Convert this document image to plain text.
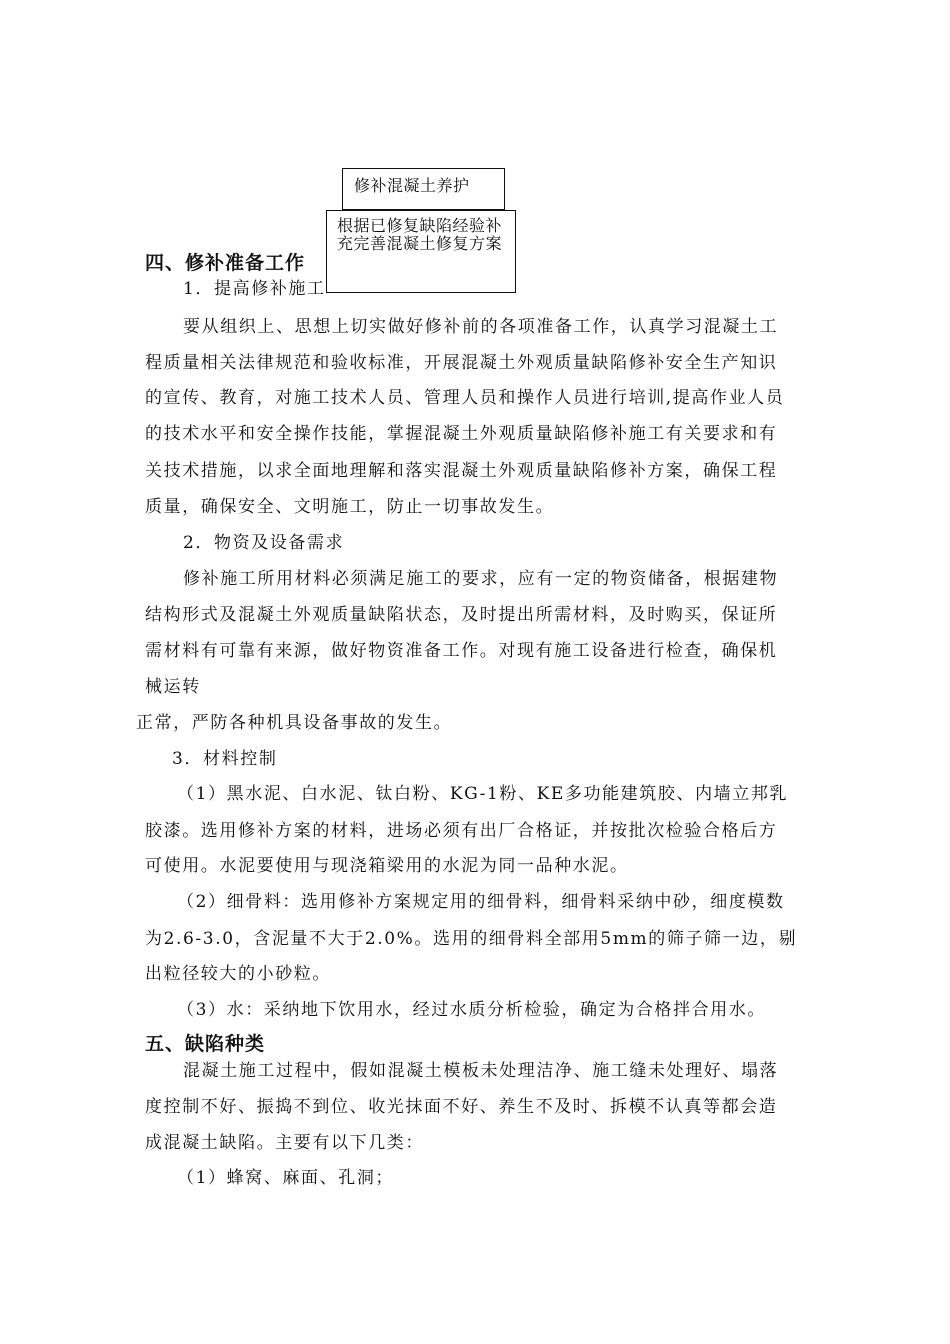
四、修补准备工作
1．提高修补施工
修补混凝土养护
根据已修复缺陷经验补充完善混凝土修复方案
要从组织上、思想上切实做好修补前的各项准备工作，认真学习混凝土工
程质量相关法律规范和验收标准，开展混凝土外观质量缺陷修补安全生产知识
的宣传、教育，对施工技术人员、管理人员和操作人员进行培训,提高作业人员
的技术水平和安全操作技能，掌握混凝土外观质量缺陷修补施工有关要求和有
关技术措施，以求全面地理解和落实混凝土外观质量缺陷修补方案，确保工程
质量，确保安全、文明施工，防止一切事故发生。
2．物资及设备需求
修补施工所用材料必须满足施工的要求，应有一定的物资储备，根据建物
结构形式及混凝土外观质量缺陷状态，及时提出所需材料，及时购买，保证所
需材料有可靠有来源，做好物资准备工作。对现有施工设备进行检查，确保机
械运转
正常，严防各种机具设备事故的发生。
3．材料控制
（1）黑水泥、白水泥、钛白粉、KG-1粉、KE多功能建筑胶、内墙立邦乳
胶漆。选用修补方案的材料，进场必须有出厂合格证，并按批次检验合格后方
可使用。水泥要使用与现浇箱梁用的水泥为同一品种水泥。
（2）细骨料：选用修补方案规定用的细骨料，细骨料采纳中砂，细度模数
为2.6-3.0，含泥量不大于2.0%。选用的细骨料全部用5mm的筛子筛一边，剔
出粒径较大的小砂粒。
（3）水：采纳地下饮用水，经过水质分析检验，确定为合格拌合用水。
五、缺陷种类
混凝土施工过程中，假如混凝土模板未处理洁净、施工缝未处理好、塌落
度控制不好、振捣不到位、收光抹面不好、养生不及时、拆模不认真等都会造
成混凝土缺陷。主要有以下几类：
（1）蜂窝、麻面、孔洞；
